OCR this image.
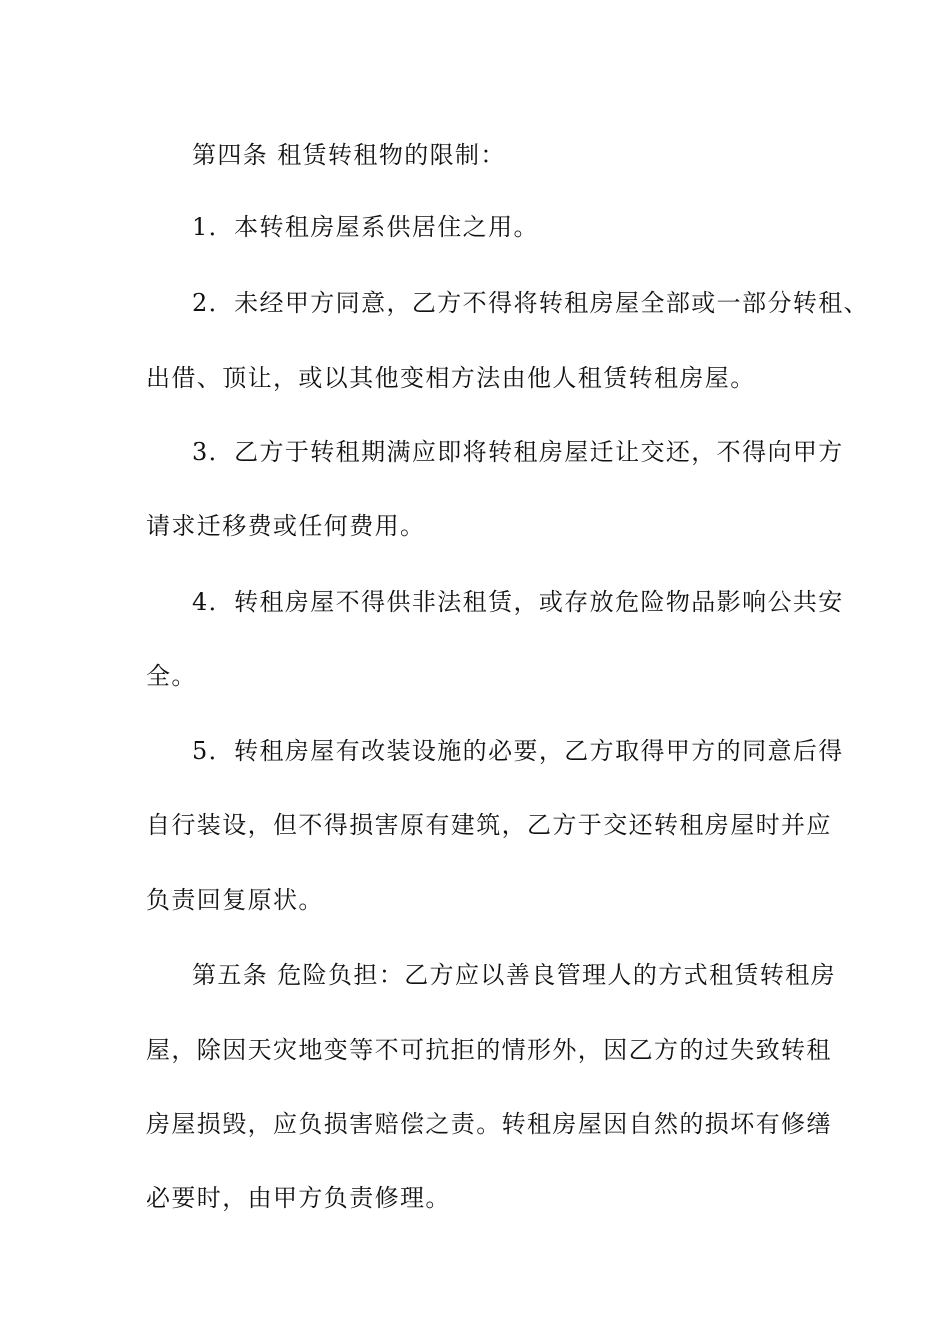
第四条 租赁转租物的限制：
1．本转租房屋系供居住之用。
2．未经甲方同意，乙方不得将转租房屋全部或一部分转租、
出借、顶让，或以其他变相方法由他人租赁转租房屋。
3．乙方于转租期满应即将转租房屋迁让交还，不得向甲方
请求迁移费或任何费用。
4．转租房屋不得供非法租赁，或存放危险物品影响公共安
全。
5．转租房屋有改装设施的必要，乙方取得甲方的同意后得
自行装设，但不得损害原有建筑，乙方于交还转租房屋时并应
负责回复原状。
第五条 危险负担：乙方应以善良管理人的方式租赁转租房
屋，除因天灾地变等不可抗拒的情形外，因乙方的过失致转租
房屋损毁，应负损害赔偿之责。转租房屋因自然的损坏有修缮
必要时，由甲方负责修理。
